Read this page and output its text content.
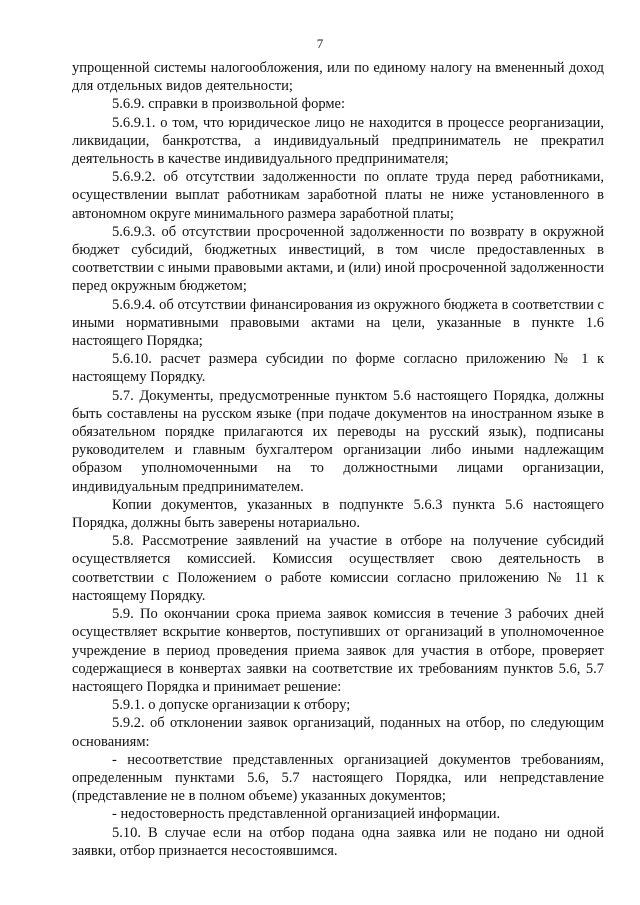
7

упрощенной системы налогообложения, или по единому налогу на вмененный доход для отдельных видов деятельности;

5.6.9. справки в произвольной форме:

5.6.9.1. о том, что юридическое лицо не находится в процессе реорганизации, ликвидации, банкротства, а индивидуальный предприниматель не прекратил деятельность в качестве индивидуального предпринимателя;

5.6.9.2. об отсутствии задолженности по оплате труда перед работниками, осуществлении выплат работникам заработной платы не ниже установленного в автономном округе минимального размера заработной платы;

5.6.9.3. об отсутствии просроченной задолженности по возврату в окружной бюджет субсидий, бюджетных инвестиций, в том числе предоставленных в соответствии с иными правовыми актами, и (или) иной просроченной задолженности перед окружным бюджетом;

5.6.9.4. об отсутствии финансирования из окружного бюджета в соответствии с иными нормативными правовыми актами на цели, указанные в пункте 1.6 настоящего Порядка;

5.6.10. расчет размера субсидии по форме согласно приложению № 1 к настоящему Порядку.

5.7. Документы, предусмотренные пунктом 5.6 настоящего Порядка, должны быть составлены на русском языке (при подаче документов на иностранном языке в обязательном порядке прилагаются их переводы на русский язык), подписаны руководителем и главным бухгалтером организации либо иными надлежащим образом уполномоченными на то должностными лицами организации, индивидуальным предпринимателем.

Копии документов, указанных в подпункте 5.6.3 пункта 5.6 настоящего Порядка, должны быть заверены нотариально.

5.8. Рассмотрение заявлений на участие в отборе на получение субсидий осуществляется комиссией. Комиссия осуществляет свою деятельность в соответствии с Положением о работе комиссии согласно приложению № 11 к настоящему Порядку.

5.9. По окончании срока приема заявок комиссия в течение 3 рабочих дней осуществляет вскрытие конвертов, поступивших от организаций в уполномоченное учреждение в период проведения приема заявок для участия в отборе, проверяет содержащиеся в конвертах заявки на соответствие их требованиям пунктов 5.6, 5.7 настоящего Порядка и принимает решение:

5.9.1. о допуске организации к отбору;

5.9.2. об отклонении заявок организаций, поданных на отбор, по следующим основаниям:

- несоответствие представленных организацией документов требованиям, определенным пунктами 5.6, 5.7 настоящего Порядка, или непредставление (представление не в полном объеме) указанных документов;

- недостоверность представленной организацией информации.

5.10. В случае если на отбор подана одна заявка или не подано ни одной заявки, отбор признается несостоявшимся.
